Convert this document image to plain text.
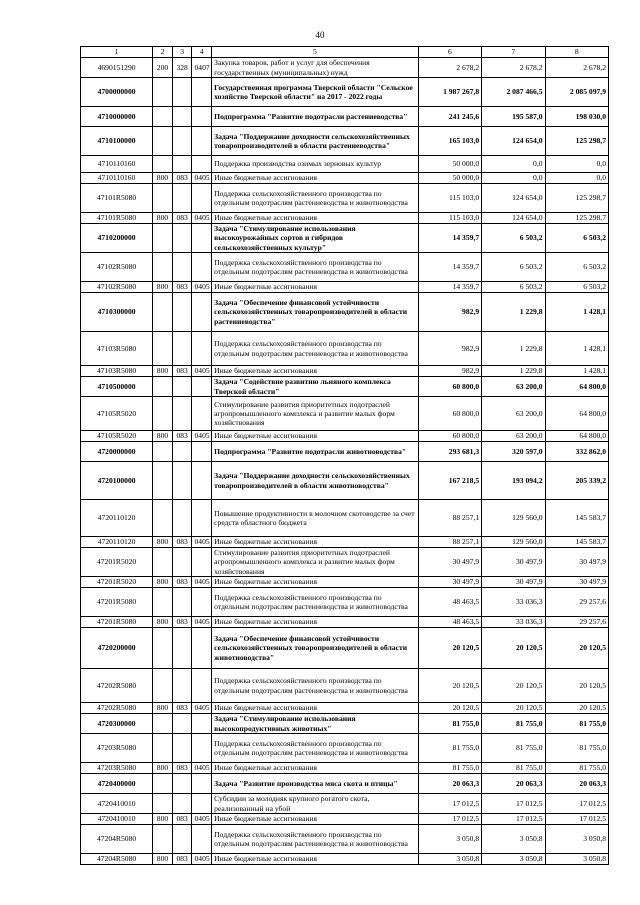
40
1	2	3	4	5	6	7	8
4690151290	200	328	0407	Закупка товаров, работ и услуг для обеспечения государственных (муниципальных) нужд	2 678,2	2 678,2	2 678,2
4700000000				Государственная программа Тверской области "Сельское хозяйство Тверской области" на 2017 - 2022 годы	1 987 267,8	2 087 466,5	2 085 097,9
4710000000				Подпрограмма "Развитие подотрасли растениеводства"	241 245,6	195 587,0	198 030,0
4710100000				Задача "Поддержание доходности сельскохозяйственных товаропроизводителей в области растениеводства"	165 103,0	124 654,0	125 298,7
4710110160				Поддержка производства озимых зерновых культур	50 000,0	0,0	0,0
4710110160	800	083	0405	Иные бюджетные ассигнования	50 000,0	0,0	0,0
47101R5080				Поддержка сельскохозяйственного производства по отдельным подотраслям растениеводства и животноводства	115 103,0	124 654,0	125 298,7
47101R5080	800	083	0405	Иные бюджетные ассигнования	115 103,0	124 654,0	125 298,7
4710200000				Задача "Стимулирование использования высокоурожайных сортов и гибридов сельскохозяйственных культур"	14 359,7	6 503,2	6 503,2
47102R5080				Поддержка сельскохозяйственного производства по отдельным подотраслям растениеводства и животноводства	14 359,7	6 503,2	6 503,2
47102R5080	800	083	0405	Иные бюджетные ассигнования	14 359,7	6 503,2	6 503,2
4710300000				Задача "Обеспечение финансовой устойчивости сельскохозяйственных товаропроизводителей в области растениеводства"	982,9	1 229,8	1 428,1
47103R5080				Поддержка сельскохозяйственного производства по отдельным подотраслям растениеводства и животноводства	982,9	1 229,8	1 428,1
47103R5080	800	083	0405	Иные бюджетные ассигнования	982,9	1 229,8	1 428,1
4710500000				Задача "Содействие развитию льняного комплекса Тверской области"	60 800,0	63 200,0	64 800,0
47105R5020				Стимулирование развития приоритетных подотраслей агропромышленного комплекса и развитие малых форм хозяйствования	60 800,0	63 200,0	64 800,0
47105R5020	800	083	0405	Иные бюджетные ассигнования	60 800,0	63 200,0	64 800,0
4720000000				Подпрограмма "Развитие подотрасли животноводства"	293 681,3	320 597,0	332 862,0
4720100000				Задача "Поддержание доходности сельскохозяйственных товаропроизводителей в области животноводства"	167 218,5	193 094,2	205 339,2
4720110120				Повышение продуктивности в молочном скотоводстве за счет средств областного бюджета	88 257,1	129 560,0	145 583,7
4720110120	800	083	0405	Иные бюджетные ассигнования	88 257,1	129 560,0	145 583,7
47201R5020				Стимулирование развития приоритетных подотраслей агропромышленного комплекса и развитие малых форм хозяйствования	30 497,9	30 497,9	30 497,9
47201R5020	800	083	0405	Иные бюджетные ассигнования	30 497,9	30 497,9	30 497,9
47201R5080				Поддержка сельскохозяйственного производства по отдельным подотраслям растениеводства и животноводства	48 463,5	33 036,3	29 257,6
47201R5080	800	083	0405	Иные бюджетные ассигнования	48 463,5	33 036,3	29 257,6
4720200000				Задача "Обеспечение финансовой устойчивости сельскохозяйственных товаропроизводителей в области животноводства"	20 120,5	20 120,5	20 120,5
47202R5080				Поддержка сельскохозяйственного производства по отдельным подотраслям растениеводства и животноводства	20 120,5	20 120,5	20 120,5
47202R5080	800	083	0405	Иные бюджетные ассигнования	20 120,5	20 120,5	20 120,5
4720300000				Задача "Стимулирование использования высокопродуктивных животных"	81 755,0	81 755,0	81 755,0
47203R5080				Поддержка сельскохозяйственного производства по отдельным подотраслям растениеводства и животноводства	81 755,0	81 755,0	81 755,0
47203R5080	800	083	0405	Иные бюджетные ассигнования	81 755,0	81 755,0	81 755,0
4720400000				Задача "Развитие производства мяса скота и птицы"	20 063,3	20 063,3	20 063,3
4720410010				Субсидии за молодняк крупного рогатого скота, реализованный на убой	17 012,5	17 012,5	17 012,5
4720410010	800	083	0405	Иные бюджетные ассигнования	17 012,5	17 012,5	17 012,5
47204R5080				Поддержка сельскохозяйственного производства по отдельным подотраслям растениеводства и животноводства	3 050,8	3 050,8	3 050,8
47204R5080	800	083	0405	Иные бюджетные ассигнования	3 050,8	3 050,8	3 050,8
